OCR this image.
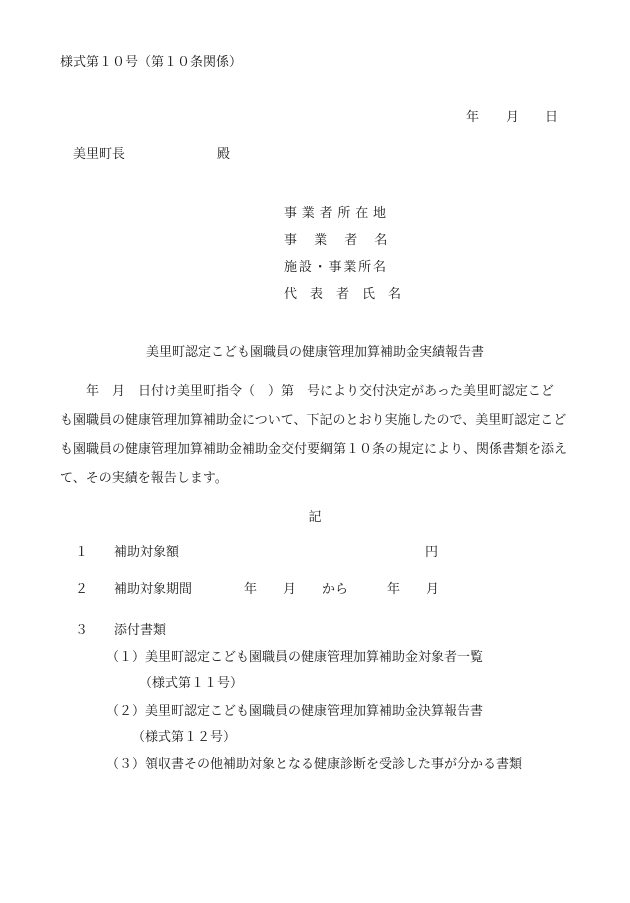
様式第１０号（第１０条関係）
年 月 日
美里町長	殿
事 業 者 所 在 地
事　 業　 者　 名
施設・事業所名
代　表　者　氏　名
美里町認定こども園職員の健康管理加算補助金実績報告書
　　年　月　日付け美里町指令（　）第　号により交付決定があった美里町認定こど
も園職員の健康管理加算補助金について、下記のとおり実施したので、美里町認定こど
も園職員の健康管理加算補助金補助金交付要綱第１０条の規定により、関係書類を添え
て、その実績を報告します。
記
１ 補助対象額	円
２ 補助対象期間	年 月 から	年 月
３ 添付書類
（１）美里町認定こども園職員の健康管理加算補助金対象者一覧
（様式第１１号）
（２）美里町認定こども園職員の健康管理加算補助金決算報告書
（様式第１２号）
（３）領収書その他補助対象となる健康診断を受診した事が分かる書類
